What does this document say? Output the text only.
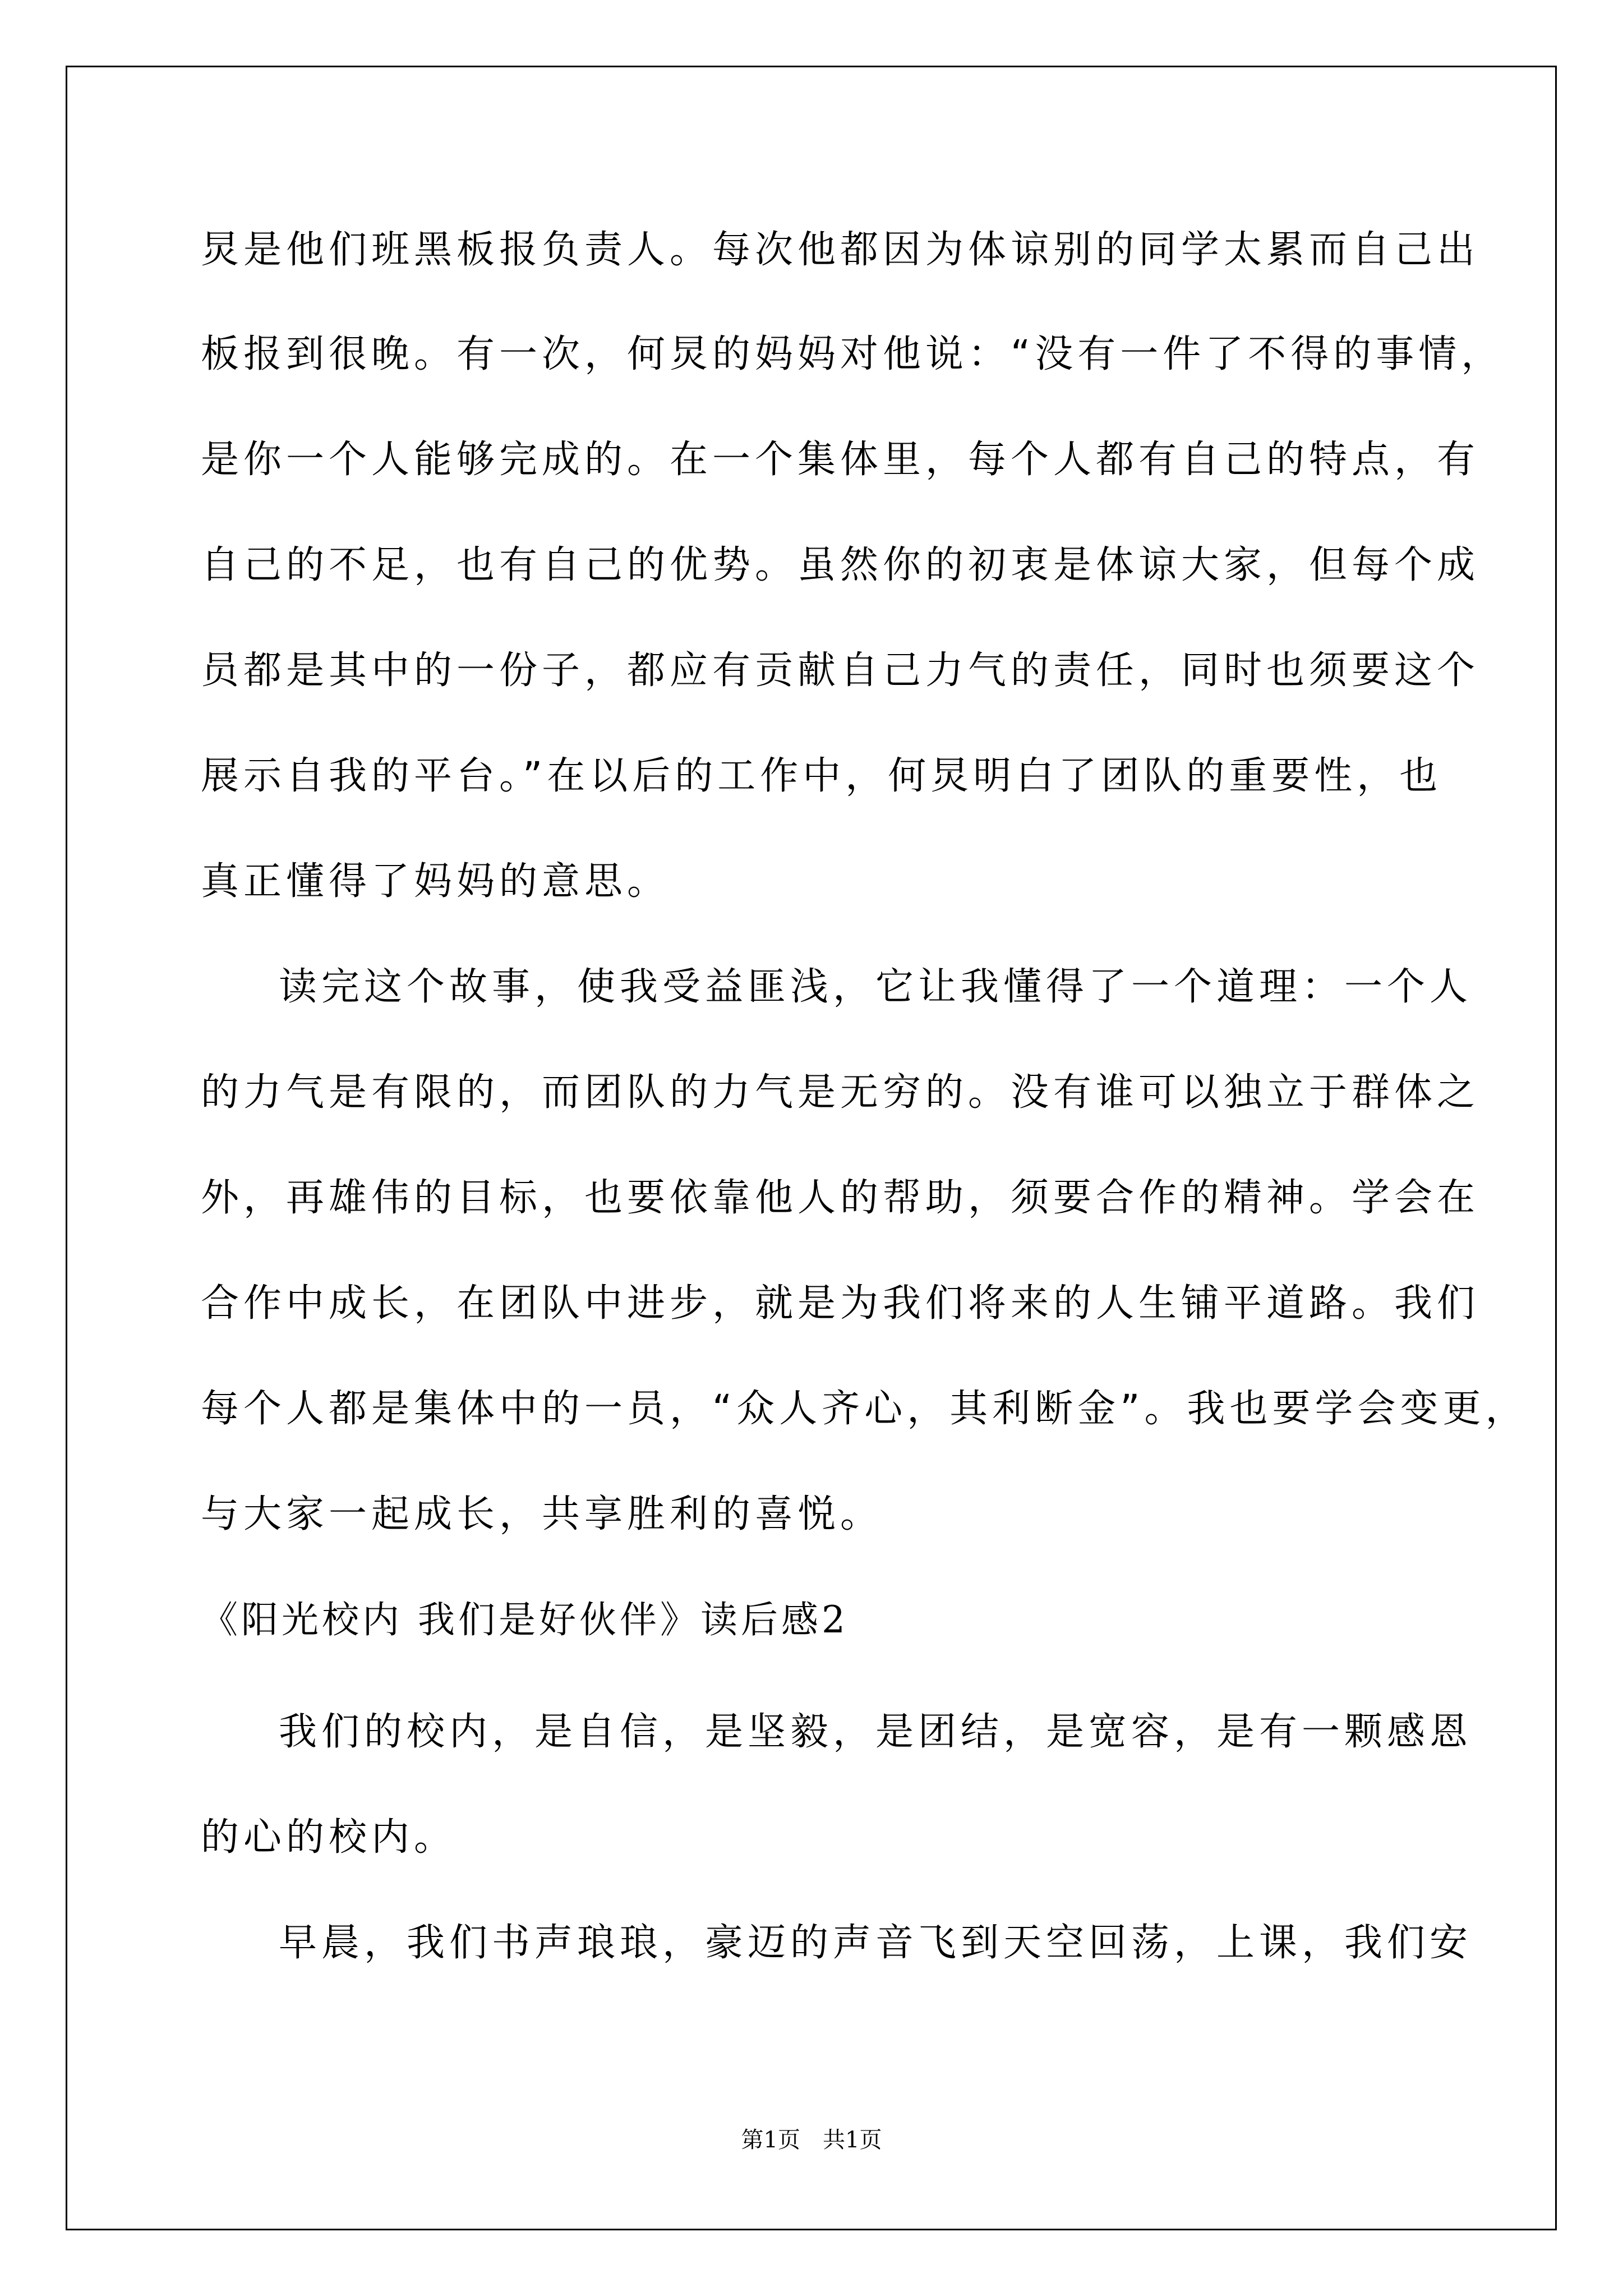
炅是他们班黑板报负责人。每次他都因为体谅别的同学太累而自己出

板报到很晚。有一次，何炅的妈妈对他说：“没有一件了不得的事情，

是你一个人能够完成的。在一个集体里，每个人都有自己的特点，有

自己的不足，也有自己的优势。虽然你的初衷是体谅大家，但每个成

员都是其中的一份子，都应有贡献自己力气的责任，同时也须要这个

展示自我的平台。”在以后的工作中，何炅明白了团队的重要性，也

真正懂得了妈妈的意思。

读完这个故事，使我受益匪浅，它让我懂得了一个道理：一个人

的力气是有限的，而团队的力气是无穷的。没有谁可以独立于群体之

外，再雄伟的目标，也要依靠他人的帮助，须要合作的精神。学会在

合作中成长，在团队中进步，就是为我们将来的人生铺平道路。我们

每个人都是集体中的一员，“众人齐心，其利断金”。我也要学会变更，

与大家一起成长，共享胜利的喜悦。

《阳光校内 我们是好伙伴》读后感2

我们的校内，是自信，是坚毅，是团结，是宽容，是有一颗感恩

的心的校内。

早晨，我们书声琅琅，豪迈的声音飞到天空回荡，上课，我们安

第1页 共1页
